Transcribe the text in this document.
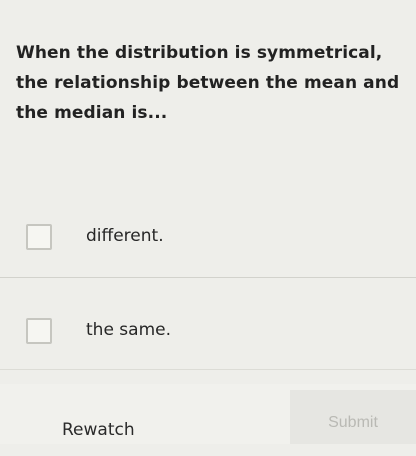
When the distribution is symmetrical, the relationship between the mean and the median is...
different.
the same.
Rewatch	Submit
